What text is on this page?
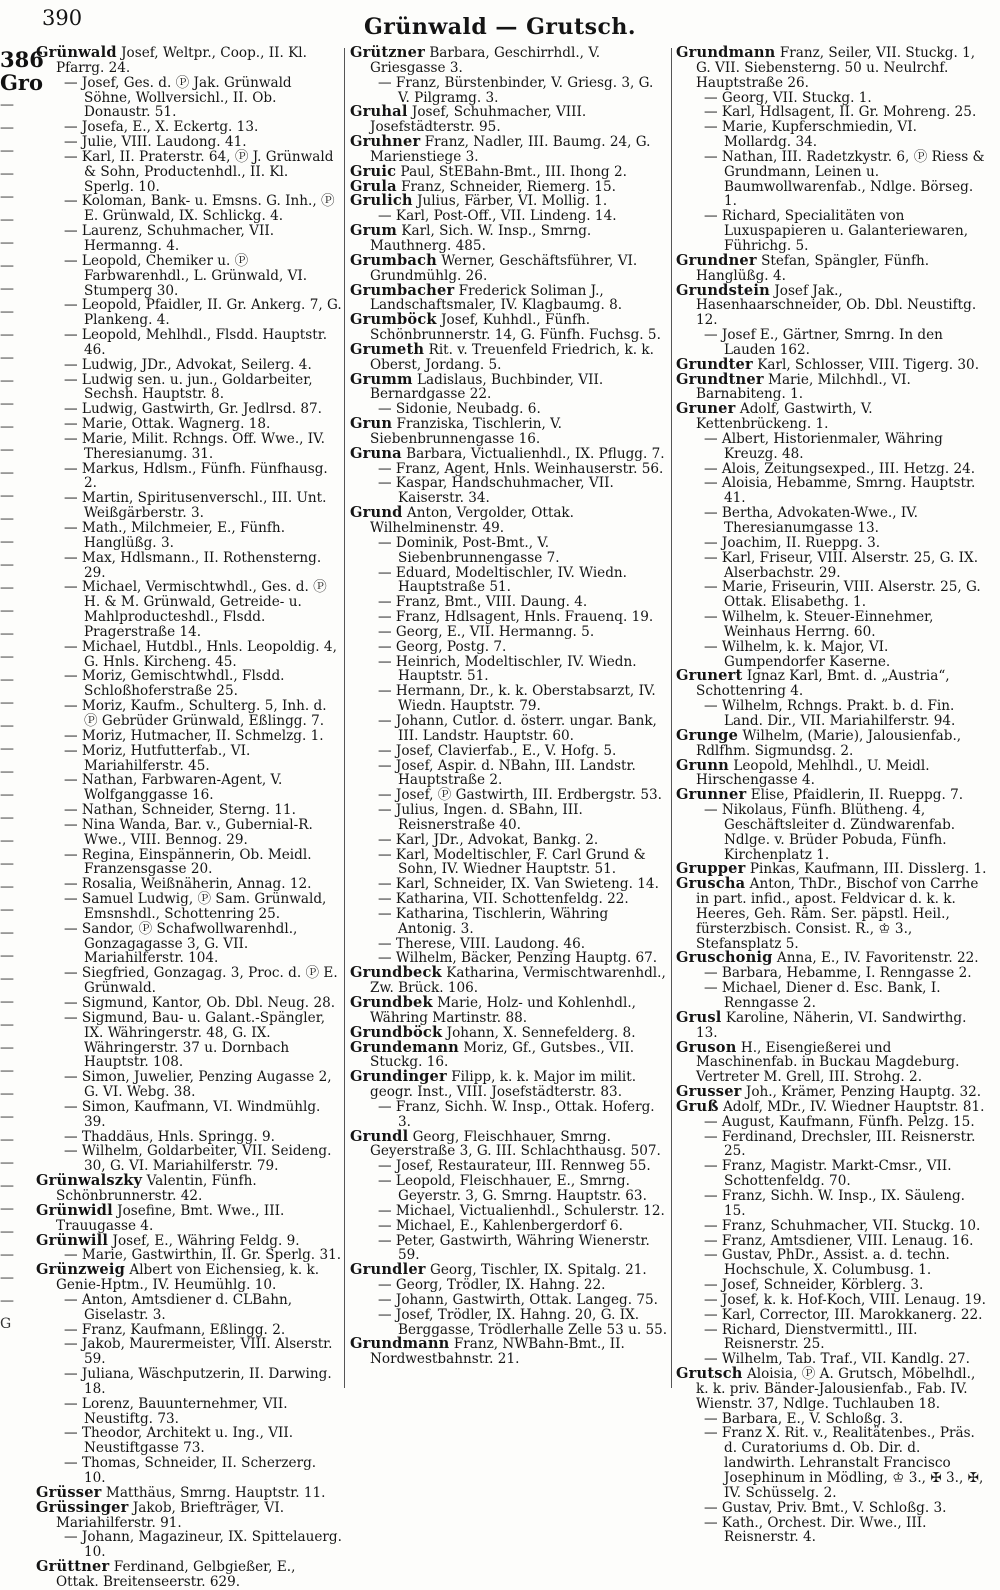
390	Grünwald — Grutsch.
386
Gro
—
—
—
—
—
—
—
—
—
—
—
—
—
—
—
—
—
—
—
—
—
—
—
—
—
—
—
—
—
—
—
—
—
—
—
—
—
—
—
—
—
—
—
—
—
—
—
—
—
—
—
—
—
G

Grünwald Josef, Weltpr., Coop., II. Kl. Pfarrg. 24.

— Josef, Ges. d. Ⓟ Jak. Grünwald Söhne, Wollversichl., II. Ob. Donaustr. 51.

— Josefa, E., X. Eckertg. 13.

— Julie, VIII. Laudong. 41.

— Karl, II. Praterstr. 64, Ⓟ J. Grünwald & Sohn, Productenhdl., II. Kl. Sperlg. 10.

— Koloman, Bank- u. Emsns. G. Inh., Ⓟ E. Grünwald, IX. Schlickg. 4.

— Laurenz, Schuhmacher, VII. Hermanng. 4.

— Leopold, Chemiker u. Ⓟ Farbwarenhdl., L. Grünwald, VI. Stumperg 30.

— Leopold, Pfaidler, II. Gr. Ankerg. 7, G. Plankeng. 4.

— Leopold, Mehlhdl., Flsdd. Hauptstr. 46.

— Ludwig, JDr., Advokat, Seilerg. 4.

— Ludwig sen. u. jun., Goldarbeiter, Sechsh. Hauptstr. 8.

— Ludwig, Gastwirth, Gr. Jedlrsd. 87.

— Marie, Ottak. Wagnerg. 18.

— Marie, Milit. Rchngs. Off. Wwe., IV. Theresianumg. 31.

— Markus, Hdlsm., Fünfh. Fünfhausg. 2.

— Martin, Spiritusenverschl., III. Unt. Weißgärberstr. 3.

— Math., Milchmeier, E., Fünfh. Hanglüßg. 3.

— Max, Hdlsmann., II. Rothensterng. 29.

— Michael, Vermischtwhdl., Ges. d. Ⓟ H. & M. Grünwald, Getreide- u. Mahlproducteshdl., Flsdd. Pragerstraße 14.

— Michael, Hutdbl., Hnls. Leopoldig. 4, G. Hnls. Kircheng. 45.

— Moriz, Gemischtwhdl., Flsdd. Schloßhoferstraße 25.

— Moriz, Kaufm., Schulterg. 5, Inh. d. Ⓟ Gebrüder Grünwald, Eßlingg. 7.

— Moriz, Hutmacher, II. Schmelzg. 1.

— Moriz, Hutfutterfab., VI. Mariahilferstr. 45.

— Nathan, Farbwaren-Agent, V. Wolfganggasse 16.

— Nathan, Schneider, Sterng. 11.

— Nina Wanda, Bar. v., Gubernial-R. Wwe., VIII. Bennog. 29.

— Regina, Einspännerin, Ob. Meidl. Franzensgasse 20.

— Rosalia, Weißnäherin, Annag. 12.

— Samuel Ludwig, Ⓟ Sam. Grünwald, Emsnshdl., Schottenring 25.

— Sandor, Ⓟ Schafwollwarenhdl., Gonzagagasse 3, G. VII. Mariahilferstr. 104.

— Siegfried, Gonzagag. 3, Proc. d. Ⓟ E. Grünwald.

— Sigmund, Kantor, Ob. Dbl. Neug. 28.

— Sigmund, Bau- u. Galant.-Spängler, IX. Währingerstr. 48, G. IX. Währingerstr. 37 u. Dornbach Hauptstr. 108.

— Simon, Juwelier, Penzing Augasse 2, G. VI. Webg. 38.

— Simon, Kaufmann, VI. Windmühlg. 39.

— Thaddäus, Hnls. Springg. 9.

— Wilhelm, Goldarbeiter, VII. Seideng. 30, G. VI. Mariahilferstr. 79.

Grünwalszky Valentin, Fünfh. Schönbrunnerstr. 42.

Grünwidl Josefine, Bmt. Wwe., III. Trauugasse 4.

Grünwill Josef, E., Währing Feldg. 9.

— Marie, Gastwirthin, II. Gr. Sperlg. 31.

Grünzweig Albert von Eichensieg, k. k. Genie-Hptm., IV. Heumühlg. 10.

— Anton, Amtsdiener d. CLBahn, Giselastr. 3.

— Franz, Kaufmann, Eßlingg. 2.

— Jakob, Maurermeister, VIII. Alserstr. 59.

— Juliana, Wäschputzerin, II. Darwing. 18.

— Lorenz, Bauunternehmer, VII. Neustiftg. 73.

— Theodor, Architekt u. Ing., VII. Neustiftgasse 73.

— Thomas, Schneider, II. Scherzerg. 10.

Grüsser Matthäus, Smrng. Hauptstr. 11.

Grüssinger Jakob, Briefträger, VI. Mariahilferstr. 91.

— Johann, Magazineur, IX. Spittelauerg. 10.

Grüttner Ferdinand, Gelbgießer, E., Ottak. Breitenseerstr. 629.

Grützner Barbara, Geschirrhdl., V. Griesgasse 3.

— Franz, Bürstenbinder, V. Griesg. 3, G. V. Pilgramg. 3.

Gruhal Josef, Schuhmacher, VIII. Josefstädterstr. 95.

Gruhner Franz, Nadler, III. Baumg. 24, G. Marienstiege 3.

Gruic Paul, StEBahn-Bmt., III. Ihong 2.

Grula Franz, Schneider, Riemerg. 15.

Grulich Julius, Färber, VI. Mollig. 1.

— Karl, Post-Off., VII. Lindeng. 14.

Grum Karl, Sich. W. Insp., Smrng. Mauthnerg. 485.

Grumbach Werner, Geschäftsführer, VI. Grundmühlg. 26.

Grumbacher Frederick Soliman J., Landschaftsmaler, IV. Klagbaumg. 8.

Grumböck Josef, Kuhhdl., Fünfh. Schönbrunnerstr. 14, G. Fünfh. Fuchsg. 5.

Grumeth Rit. v. Treuenfeld Friedrich, k. k. Oberst, Jordang. 5.

Grumm Ladislaus, Buchbinder, VII. Bernardgasse 22.

— Sidonie, Neubadg. 6.

Grun Franziska, Tischlerin, V. Siebenbrunnengasse 16.

Gruna Barbara, Victualienhdl., IX. Pflugg. 7.

— Franz, Agent, Hnls. Weinhauserstr. 56.

— Kaspar, Handschuhmacher, VII. Kaiserstr. 34.

Grund Anton, Vergolder, Ottak. Wilhelminenstr. 49.

— Dominik, Post-Bmt., V. Siebenbrunnengasse 7.

— Eduard, Modeltischler, IV. Wiedn. Hauptstraße 51.

— Franz, Bmt., VIII. Daung. 4.

— Franz, Hdlsagent, Hnls. Frauenq. 19.

— Georg, E., VII. Hermanng. 5.

— Georg, Postg. 7.

— Heinrich, Modeltischler, IV. Wiedn. Hauptstr. 51.

— Hermann, Dr., k. k. Oberstabsarzt, IV. Wiedn. Hauptstr. 79.

— Johann, Cutlor. d. österr. ungar. Bank, III. Landstr. Hauptstr. 60.

— Josef, Clavierfab., E., V. Hofg. 5.

— Josef, Aspir. d. NBahn, III. Landstr. Hauptstraße 2.

— Josef, Ⓟ Gastwirth, III. Erdbergstr. 53.

— Julius, Ingen. d. SBahn, III. Reisnerstraße 40.

— Karl, JDr., Advokat, Bankg. 2.

— Karl, Modeltischler, F. Carl Grund & Sohn, IV. Wiedner Hauptstr. 51.

— Karl, Schneider, IX. Van Swieteng. 14.

— Katharina, VII. Schottenfeldg. 22.

— Katharina, Tischlerin, Währing Antonig. 3.

— Therese, VIII. Laudong. 46.

— Wilhelm, Bäcker, Penzing Hauptg. 67.

Grundbeck Katharina, Vermischtwarenhdl., Zw. Brück. 106.

Grundbek Marie, Holz- und Kohlenhdl., Währing Martinstr. 88.

Grundböck Johann, X. Sennefelderg. 8.

Grundemann Moriz, Gf., Gutsbes., VII. Stuckg. 16.

Grundinger Filipp, k. k. Major im milit. geogr. Inst., VIII. Josefstädterstr. 83.

— Franz, Sichh. W. Insp., Ottak. Hoferg. 3.

Grundl Georg, Fleischhauer, Smrng. Geyerstraße 3, G. III. Schlachthausg. 507.

— Josef, Restaurateur, III. Rennweg 55.

— Leopold, Fleischhauer, E., Smrng. Geyerstr. 3, G. Smrng. Hauptstr. 63.

— Michael, Victualienhdl., Schulerstr. 12.

— Michael, E., Kahlenbergerdorf 6.

— Peter, Gastwirth, Währing Wienerstr. 59.

Grundler Georg, Tischler, IX. Spitalg. 21.

— Georg, Trödler, IX. Hahng. 22.

— Johann, Gastwirth, Ottak. Langeg. 75.

— Josef, Trödler, IX. Hahng. 20, G. IX. Berggasse, Trödlerhalle Zelle 53 u. 55.

Grundmann Franz, NWBahn-Bmt., II. Nordwestbahnstr. 21.

Grundmann Franz, Seiler, VII. Stuckg. 1, G. VII. Siebensterng. 50 u. Neulrchf. Hauptstraße 26.

— Georg, VII. Stuckg. 1.

— Karl, Hdlsagent, II. Gr. Mohreng. 25.

— Marie, Kupferschmiedin, VI. Mollardg. 34.

— Nathan, III. Radetzkystr. 6, Ⓟ Riess & Grundmann, Leinen u. Baumwollwarenfab., Ndlge. Börseg. 1.

— Richard, Specialitäten von Luxuspapieren u. Galanteriewaren, Führichg. 5.

Grundner Stefan, Spängler, Fünfh. Hanglüßg. 4.

Grundstein Josef Jak., Hasenhaarschneider, Ob. Dbl. Neustiftg. 12.

— Josef E., Gärtner, Smrng. In den Lauden 162.

Grundter Karl, Schlosser, VIII. Tigerg. 30.

Grundtner Marie, Milchhdl., VI. Barnabiteng. 1.

Gruner Adolf, Gastwirth, V. Kettenbrückeng. 1.

— Albert, Historienmaler, Währing Kreuzg. 48.

— Alois, Zeitungsexped., III. Hetzg. 24.

— Aloisia, Hebamme, Smrng. Hauptstr. 41.

— Bertha, Advokaten-Wwe., IV. Theresianumgasse 13.

— Joachim, II. Rueppg. 3.

— Karl, Friseur, VIII. Alserstr. 25, G. IX. Alserbachstr. 29.

— Marie, Friseurin, VIII. Alserstr. 25, G. Ottak. Elisabethg. 1.

— Wilhelm, k. Steuer-Einnehmer, Weinhaus Herrng. 60.

— Wilhelm, k. k. Major, VI. Gumpendorfer Kaserne.

Grunert Ignaz Karl, Bmt. d. „Austria“, Schottenring 4.

— Wilhelm, Rchngs. Prakt. b. d. Fin. Land. Dir., VII. Mariahilferstr. 94.

Grunge Wilhelm, (Marie), Jalousienfab., Rdlfhm. Sigmundsg. 2.

Grunn Leopold, Mehlhdl., U. Meidl. Hirschengasse 4.

Grunner Elise, Pfaidlerin, II. Rueppg. 7.

— Nikolaus, Fünfh. Blütheng. 4, Geschäftsleiter d. Zündwarenfab. Ndlge. v. Brüder Pobuda, Fünfh. Kirchenplatz 1.

Grupper Pinkas, Kaufmann, III. Disslerg. 1.

Gruscha Anton, ThDr., Bischof von Carrhe in part. infid., apost. Feldvicar d. k. k. Heeres, Geh. Räm. Ser. päpstl. Heil., fürsterzbisch. Consist. R., ♔ 3., Stefansplatz 5.

Gruschonig Anna, E., IV. Favoritenstr. 22.

— Barbara, Hebamme, I. Renngasse 2.

— Michael, Diener d. Esc. Bank, I. Renngasse 2.

Grusl Karoline, Näherin, VI. Sandwirthg. 13.

Gruson H., Eisengießerei und Maschinenfab. in Buckau Magdeburg. Vertreter M. Grell, III. Strohg. 2.

Grusser Joh., Krämer, Penzing Hauptg. 32.

Gruß Adolf, MDr., IV. Wiedner Hauptstr. 81.

— August, Kaufmann, Fünfh. Pelzg. 15.

— Ferdinand, Drechsler, III. Reisnerstr. 25.

— Franz, Magistr. Markt-Cmsr., VII. Schottenfeldg. 70.

— Franz, Sichh. W. Insp., IX. Säuleng. 15.

— Franz, Schuhmacher, VII. Stuckg. 10.

— Franz, Amtsdiener, VIII. Lenaug. 16.

— Gustav, PhDr., Assist. a. d. techn. Hochschule, X. Columbusg. 1.

— Josef, Schneider, Körblerg. 3.

— Josef, k. k. Hof-Koch, VIII. Lenaug. 19.

— Karl, Corrector, III. Marokkanerg. 22.

— Richard, Dienstvermittl., III. Reisnerstr. 25.

— Wilhelm, Tab. Traf., VII. Kandlg. 27.

Grutsch Aloisia, Ⓟ A. Grutsch, Möbelhdl., k. k. priv. Bänder-Jalousienfab., Fab. IV. Wienstr. 37, Ndlge. Tuchlauben 18.

— Barbara, E., V. Schloßg. 3.

— Franz X. Rit. v., Realitätenbes., Präs. d. Curatoriums d. Ob. Dir. d. landwirth. Lehranstalt Francisco Josephinum in Mödling, ♔ 3., ✠ 3., ✠, IV. Schüsselg. 2.

— Gustav, Priv. Bmt., V. Schloßg. 3.

— Kath., Orchest. Dir. Wwe., III. Reisnerstr. 4.
